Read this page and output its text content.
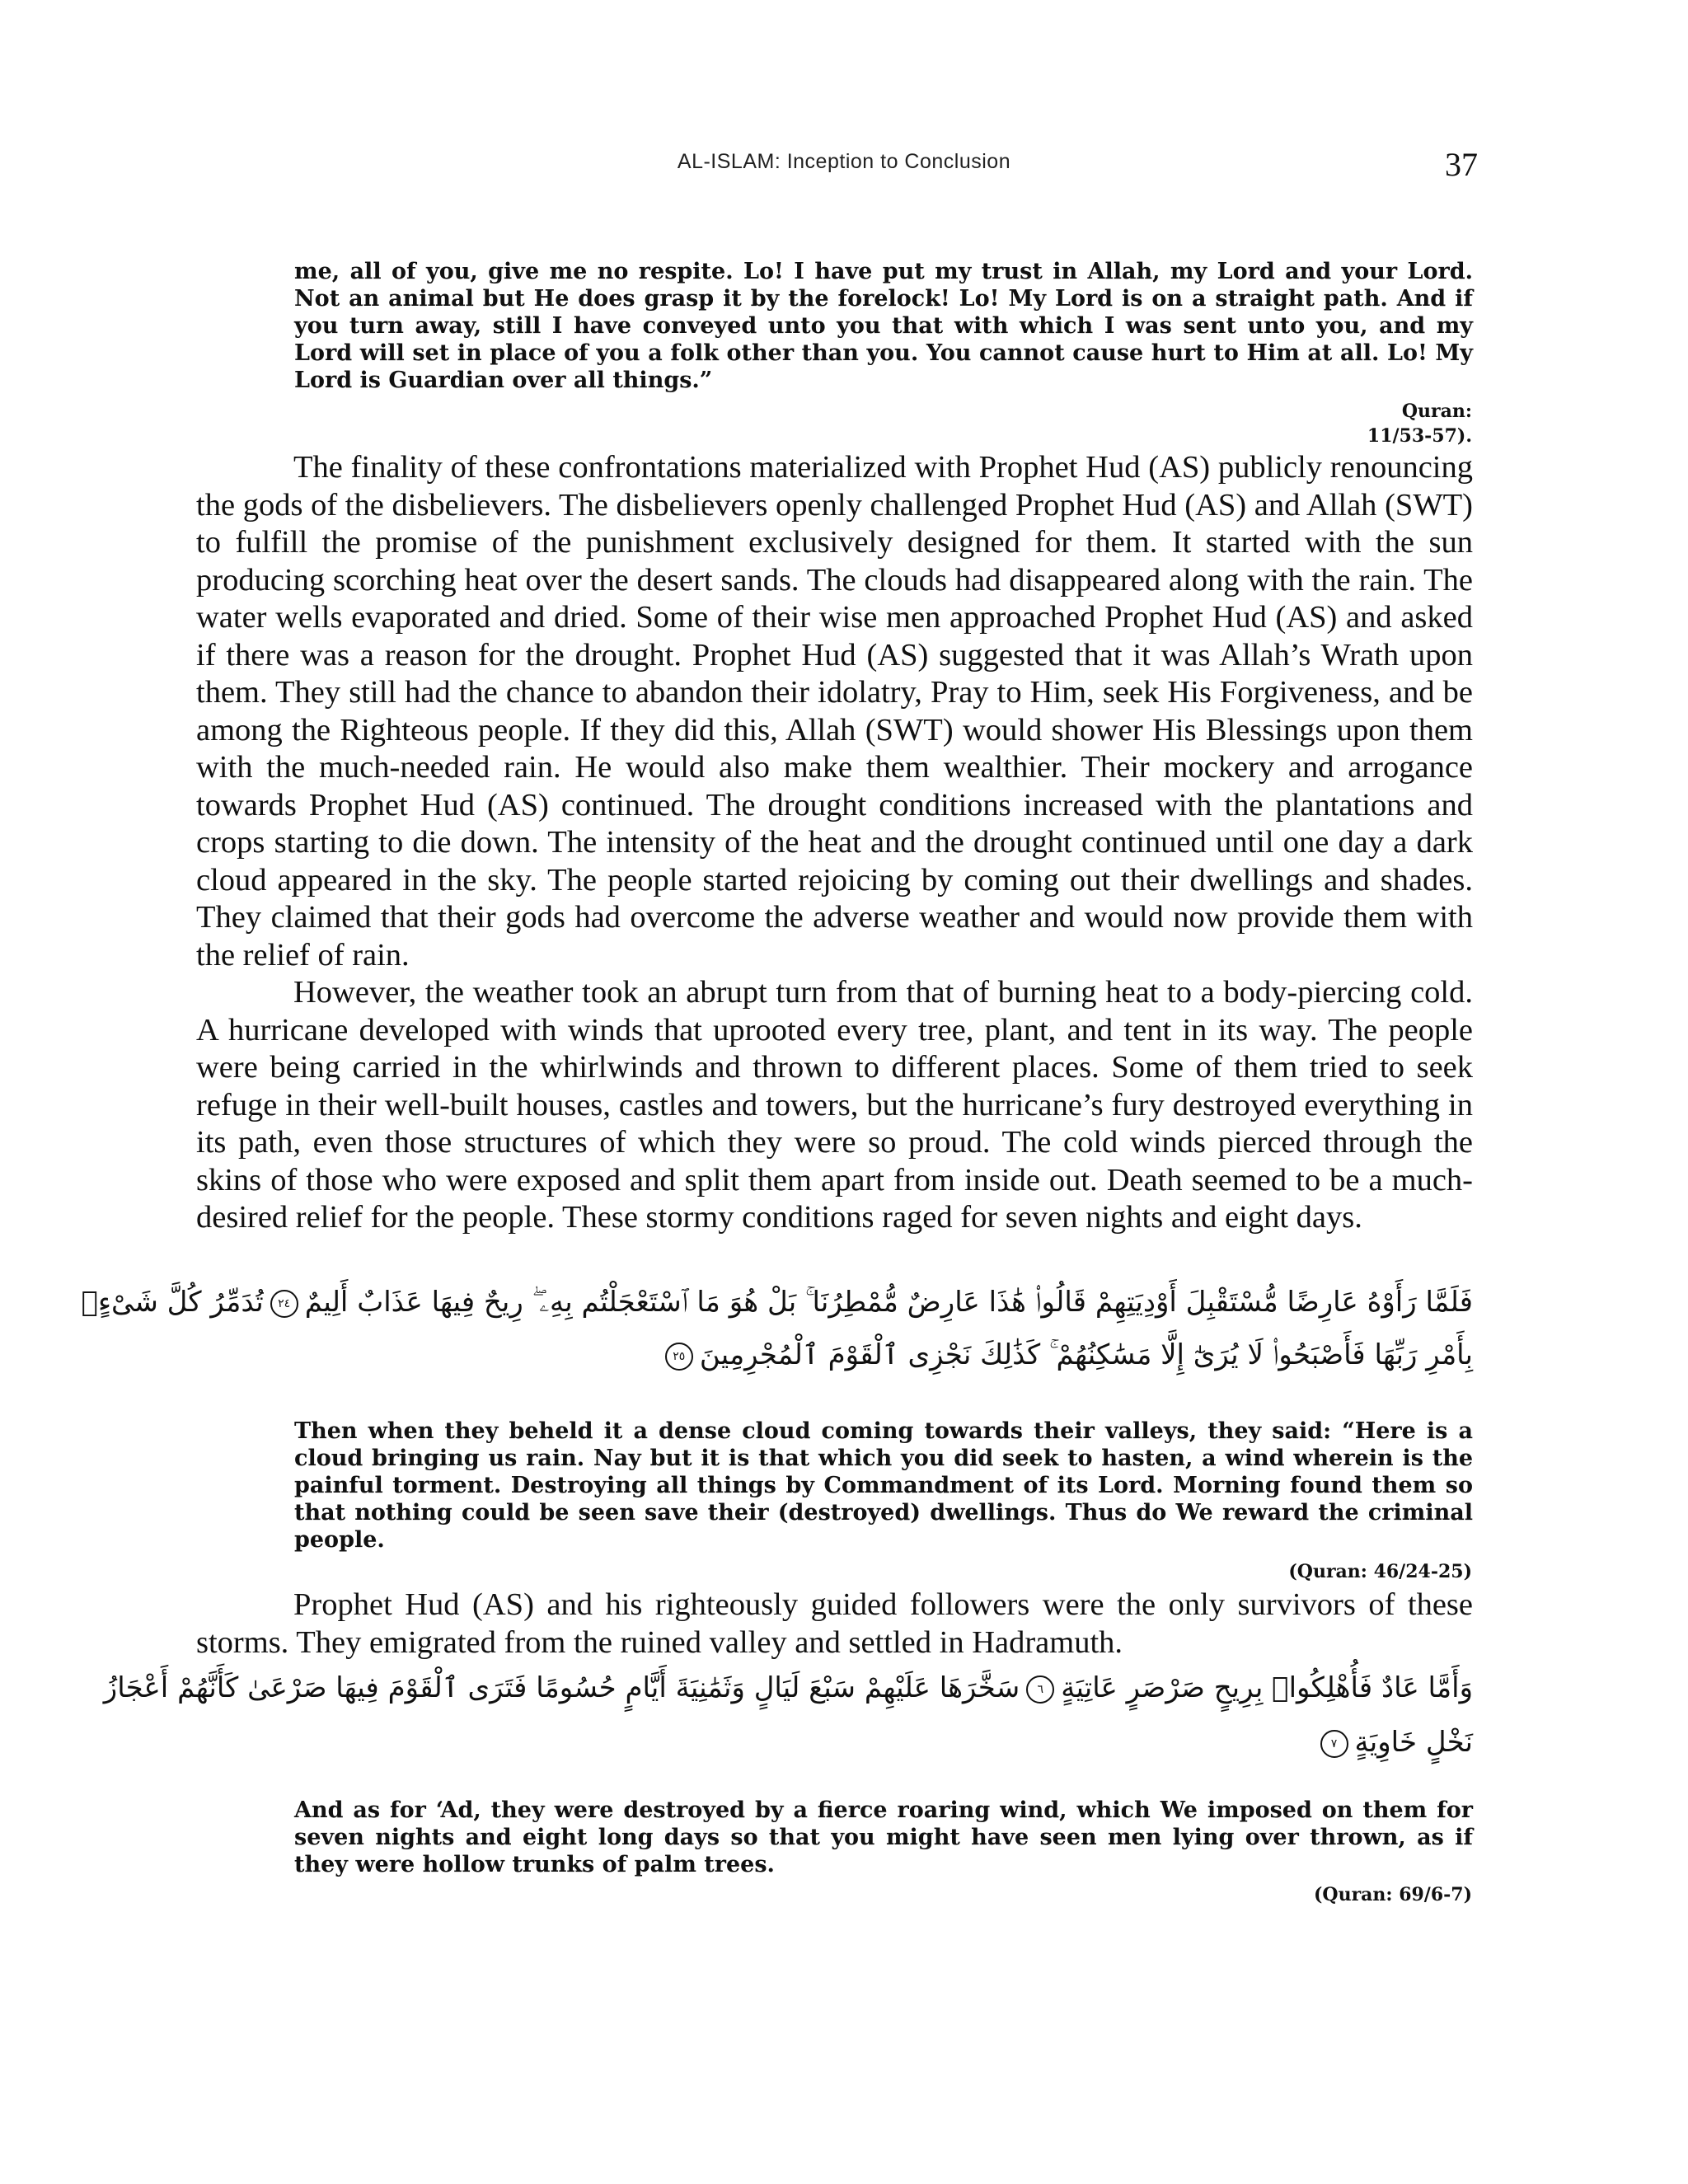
AL-ISLAM: Inception to Conclusion	37
me, all of you, give me no respite. Lo! I have put my trust in Allah, my Lord and your Lord. Not an animal but He does grasp it by the forelock! Lo! My Lord is on a straight path. And if you turn away, still I have conveyed unto you that with which I was sent unto you, and my Lord will set in place of you a folk other than you. You cannot cause hurt to Him at all. Lo! My Lord is Guardian over all things.”
Quran:
11/53-57).

The finality of these confrontations materialized with Prophet Hud (AS) publicly renouncing the gods of the disbelievers. The disbelievers openly challenged Prophet Hud (AS) and Allah (SWT) to fulfill the promise of the punishment exclusively designed for them. It started with the sun producing scorching heat over the desert sands. The clouds had disappeared along with the rain. The water wells evaporated and dried. Some of their wise men approached Prophet Hud (AS) and asked if there was a reason for the drought. Prophet Hud (AS) suggested that it was Allah’s Wrath upon them. They still had the chance to abandon their idolatry, Pray to Him, seek His Forgiveness, and be among the Righteous people. If they did this, Allah (SWT) would shower His Blessings upon them with the much-needed rain. He would also make them wealthier. Their mockery and arrogance towards Prophet Hud (AS) continued. The drought conditions increased with the plantations and crops starting to die down. The intensity of the heat and the drought continued until one day a dark cloud appeared in the sky. The people started rejoicing by coming out their dwellings and shades. They claimed that their gods had overcome the adverse weather and would now provide them with the relief of rain.

However, the weather took an abrupt turn from that of burning heat to a body-piercing cold. A hurricane developed with winds that uprooted every tree, plant, and tent in its way. The people were being carried in the whirlwinds and thrown to different places. Some of them tried to seek refuge in their well-built houses, castles and towers, but the hurricane’s fury destroyed everything in its path, even those structures of which they were so proud. The cold winds pierced through the skins of those who were exposed and split them apart from inside out. Death seemed to be a much-desired relief for the people. These stormy conditions raged for seven nights and eight days.

فَلَمَّا رَأَوْهُ عَارِضًا مُّسْتَقْبِلَ أَوْدِيَتِهِمْ قَالُوا۟ هَٰذَا عَارِضٌ مُّمْطِرُنَا ۚ بَلْ هُوَ مَا ٱسْتَعْجَلْتُم بِهِۦ ۖ رِيحٌ فِيهَا عَذَابٌ أَلِيمٌ٢٤تُدَمِّرُ كُلَّ شَىْءٍۭ
بِأَمْرِ رَبِّهَا فَأَصْبَحُوا۟ لَا يُرَىٰٓ إِلَّا مَسَٰكِنُهُمْ ۚ كَذَٰلِكَ نَجْزِى ٱلْقَوْمَ ٱلْمُجْرِمِينَ٢٥
Then when they beheld it a dense cloud coming towards their valleys, they said: “Here is a cloud bringing us rain. Nay but it is that which you did seek to hasten, a wind wherein is the painful torment. Destroying all things by Commandment of its Lord. Morning found them so that nothing could be seen save their (destroyed) dwellings. Thus do We reward the criminal people.
(Quran: 46/24-25)

Prophet Hud (AS) and his righteously guided followers were the only survivors of these storms. They emigrated from the ruined valley and settled in Hadramuth.

وَأَمَّا عَادٌ فَأُهْلِكُوا۟ بِرِيحٍ صَرْصَرٍ عَاتِيَةٍ٦سَخَّرَهَا عَلَيْهِمْ سَبْعَ لَيَالٍ وَثَمَٰنِيَةَ أَيَّامٍ حُسُومًا فَتَرَى ٱلْقَوْمَ فِيهَا صَرْعَىٰ كَأَنَّهُمْ أَعْجَازُ
نَخْلٍ خَاوِيَةٍ٧
And as for ‘Ad, they were destroyed by a fierce roaring wind, which We imposed on them for seven nights and eight long days so that you might have seen men lying over thrown, as if they were hollow trunks of palm trees.
(Quran: 69/6-7)
